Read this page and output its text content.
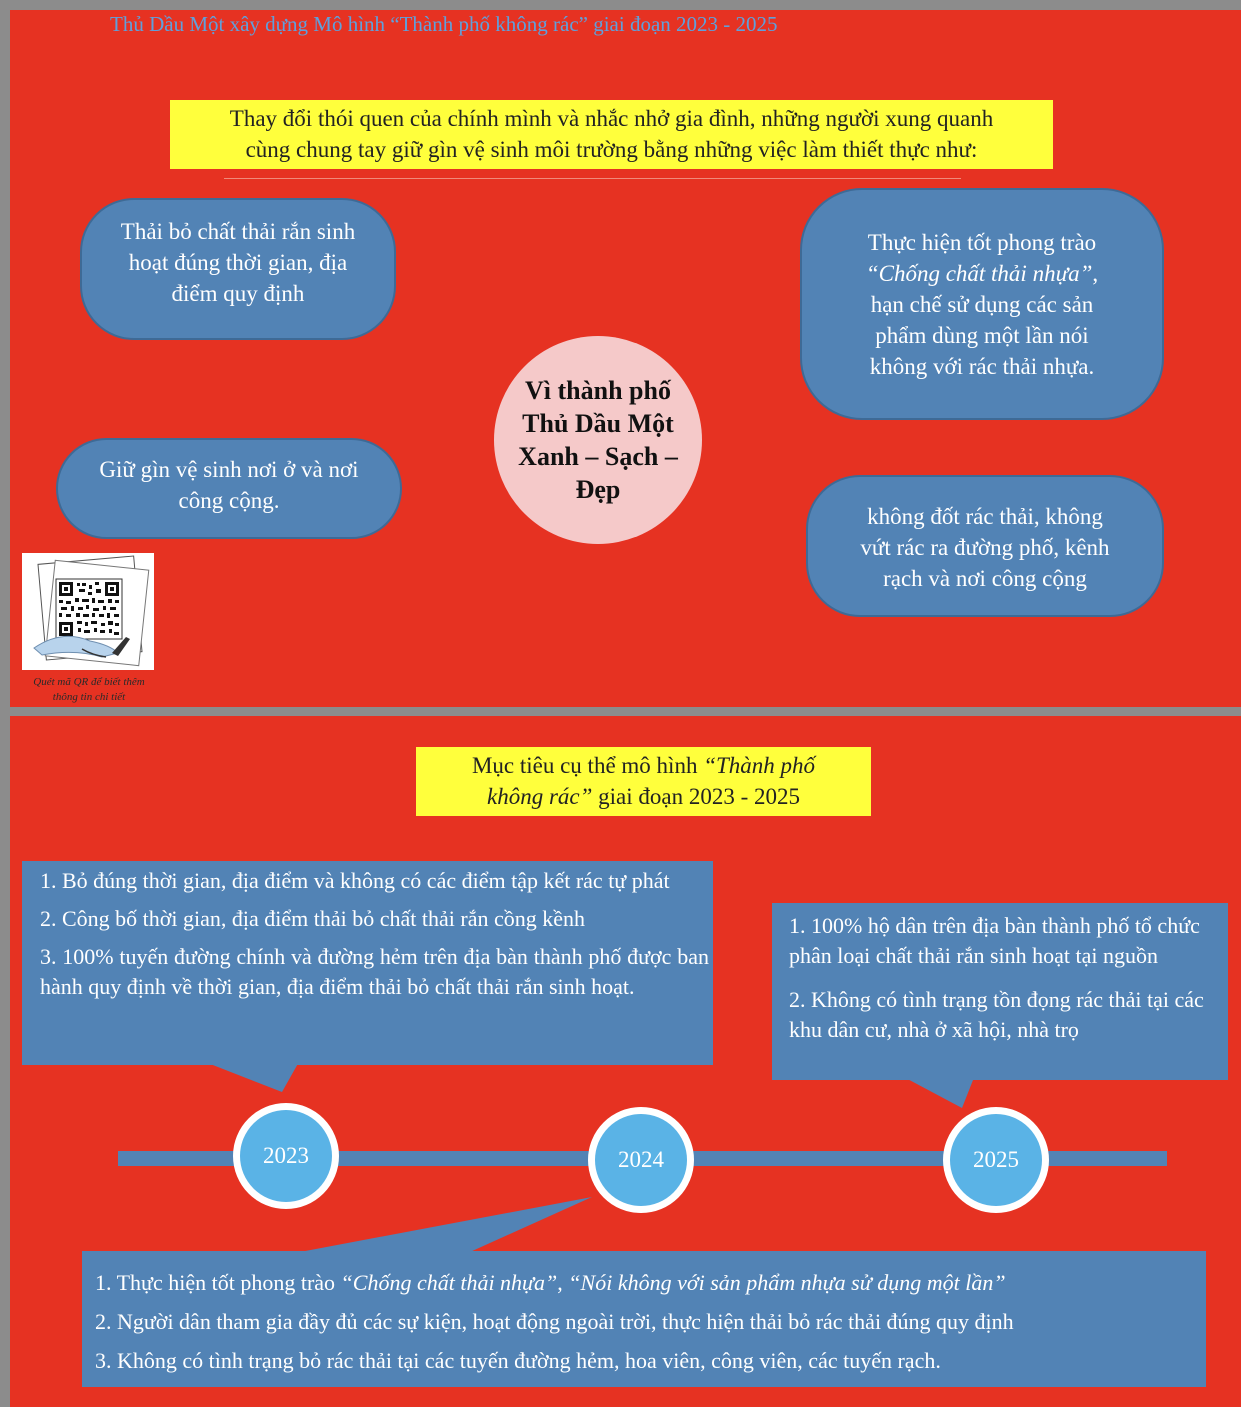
Thủ Dầu Một xây dựng Mô hình “Thành phố không rác” giai đoạn 2023 - 2025
Thay đổi thói quen của chính mình và nhắc nhở gia đình, những người xung quanh
cùng chung tay giữ gìn vệ sinh môi trường bằng những việc làm thiết thực như:
Thải bỏ chất thải rắn sinh
hoạt đúng thời gian, địa
điểm quy định
Giữ gìn vệ sinh nơi ở và nơi
công cộng.
Thực hiện tốt phong trào
“Chống chất thải nhựa”,
hạn chế sử dụng các sản
phẩm dùng một lần nói
không với rác thải nhựa.
không đốt rác thải, không
vứt rác ra đường phố, kênh
rạch và nơi công cộng
Vì thành phố
Thủ Dầu Một
Xanh – Sạch –
Đẹp
Quét mã QR để biết thêm
thông tin chi tiết
Mục tiêu cụ thể mô hình “Thành phố
không rác” giai đoạn 2023 - 2025

1. Bỏ đúng thời gian, địa điểm và không có các điểm tập kết rác tự phát

2. Công bố thời gian, địa điểm thải bỏ chất thải rắn cồng kềnh

3. 100% tuyến đường chính và đường hẻm trên địa bàn thành phố được ban hành quy định về thời gian, địa điểm thải bỏ chất thải rắn sinh hoạt.

1. 100% hộ dân trên địa bàn thành phố tổ chức phân loại chất thải rắn sinh hoạt tại nguồn

2. Không có tình trạng tồn đọng rác thải tại các khu dân cư, nhà ở xã hội, nhà trọ

2023	2024	2025

1. Thực hiện tốt phong trào “Chống chất thải nhựa”, “Nói không với sản phẩm nhựa sử dụng một lần”

2. Người dân tham gia đầy đủ các sự kiện, hoạt động ngoài trời, thực hiện thải bỏ rác thải đúng quy định

3. Không có tình trạng bỏ rác thải tại các tuyến đường hẻm, hoa viên, công viên, các tuyến rạch.
